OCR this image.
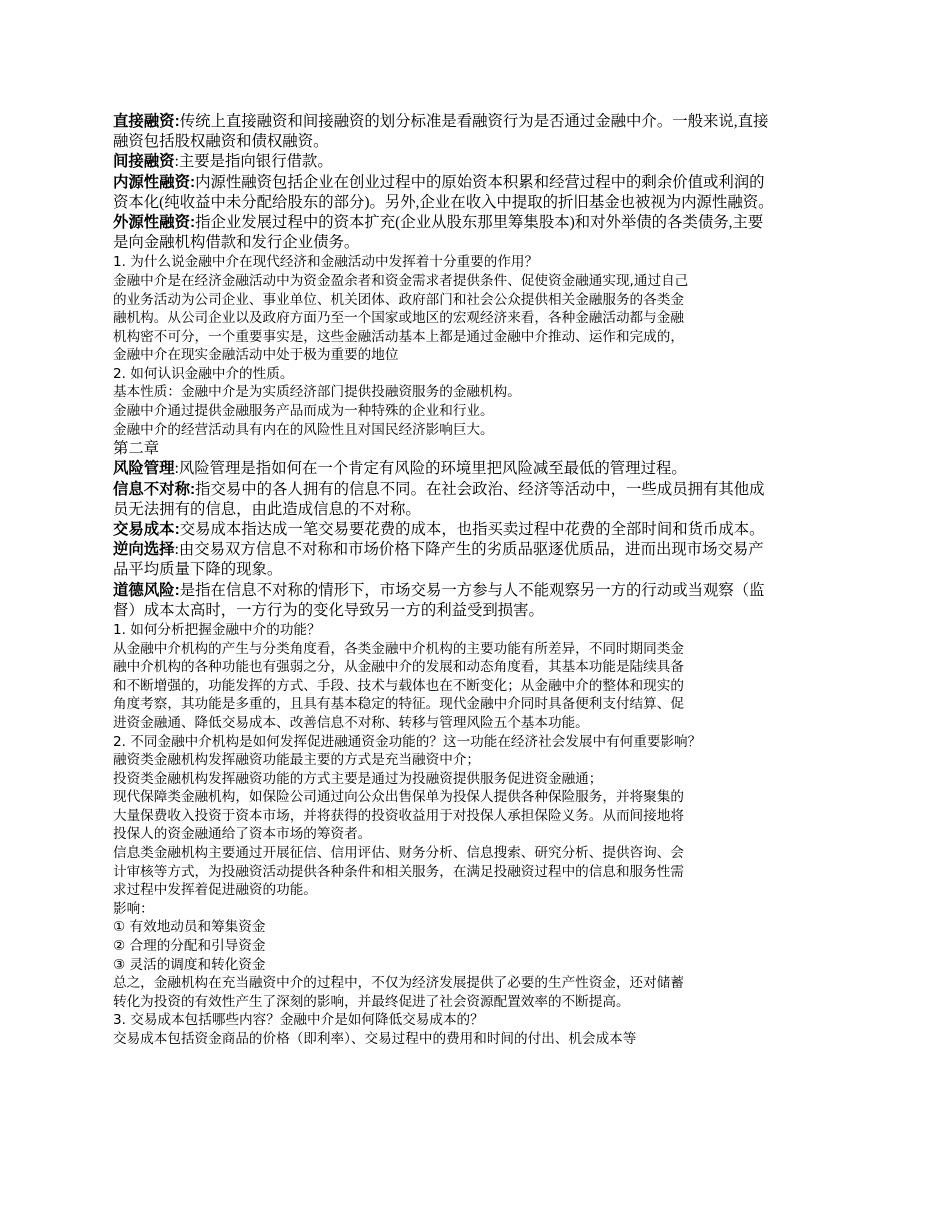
直接融资:传统上直接融资和间接融资的划分标准是看融资行为是否通过金融中介。一般来说,直接
融资包括股权融资和债权融资。
间接融资:主要是指向银行借款。
内源性融资:内源性融资包括企业在创业过程中的原始资本积累和经营过程中的剩余价值或利润的
资本化(纯收益中未分配给股东的部分)。另外,企业在收入中提取的折旧基金也被视为内源性融资。
外源性融资:指企业发展过程中的资本扩充(企业从股东那里筹集股本)和对外举债的各类债务,主要
是向金融机构借款和发行企业债务。
1. 为什么说金融中介在现代经济和金融活动中发挥着十分重要的作用？
金融中介是在经济金融活动中为资金盈余者和资金需求者提供条件、促使资金融通实现,通过自己
的业务活动为公司企业、事业单位、机关团体、政府部门和社会公众提供相关金融服务的各类金
融机构。从公司企业以及政府方面乃至一个国家或地区的宏观经济来看，各种金融活动都与金融
机构密不可分，一个重要事实是，这些金融活动基本上都是通过金融中介推动、运作和完成的，
金融中介在现实金融活动中处于极为重要的地位
2. 如何认识金融中介的性质。
基本性质：金融中介是为实质经济部门提供投融资服务的金融机构。
金融中介通过提供金融服务产品而成为一种特殊的企业和行业。
金融中介的经营活动具有内在的风险性且对国民经济影响巨大。
第二章
风险管理:风险管理是指如何在一个肯定有风险的环境里把风险减至最低的管理过程。
信息不对称:指交易中的各人拥有的信息不同。在社会政治、经济等活动中，一些成员拥有其他成
员无法拥有的信息，由此造成信息的不对称。
交易成本:交易成本指达成一笔交易要花费的成本，也指买卖过程中花费的全部时间和货币成本。
逆向选择:由交易双方信息不对称和市场价格下降产生的劣质品驱逐优质品，进而出现市场交易产
品平均质量下降的现象。
道德风险:是指在信息不对称的情形下，市场交易一方参与人不能观察另一方的行动或当观察（监
督）成本太高时，一方行为的变化导致另一方的利益受到损害。
1. 如何分析把握金融中介的功能？
从金融中介机构的产生与分类角度看，各类金融中介机构的主要功能有所差异，不同时期同类金
融中介机构的各种功能也有强弱之分，从金融中介的发展和动态角度看，其基本功能是陆续具备
和不断增强的，功能发挥的方式、手段、技术与载体也在不断变化；从金融中介的整体和现实的
角度考察，其功能是多重的，且具有基本稳定的特征。现代金融中介同时具备便利支付结算、促
进资金融通、降低交易成本、改善信息不对称、转移与管理风险五个基本功能。
2. 不同金融中介机构是如何发挥促进融通资金功能的？这一功能在经济社会发展中有何重要影响？
融资类金融机构发挥融资功能最主要的方式是充当融资中介；
投资类金融机构发挥融资功能的方式主要是通过为投融资提供服务促进资金融通；
现代保障类金融机构，如保险公司通过向公众出售保单为投保人提供各种保险服务，并将聚集的
大量保费收入投资于资本市场，并将获得的投资收益用于对投保人承担保险义务。从而间接地将
投保人的资金融通给了资本市场的筹资者。
信息类金融机构主要通过开展征信、信用评估、财务分析、信息搜索、研究分析、提供咨询、会
计审核等方式，为投融资活动提供各种条件和相关服务，在满足投融资过程中的信息和服务性需
求过程中发挥着促进融资的功能。
影响：
① 有效地动员和筹集资金
② 合理的分配和引导资金
③ 灵活的调度和转化资金
总之，金融机构在充当融资中介的过程中，不仅为经济发展提供了必要的生产性资金，还对储蓄
转化为投资的有效性产生了深刻的影响，并最终促进了社会资源配置效率的不断提高。
3. 交易成本包括哪些内容？金融中介是如何降低交易成本的？
交易成本包括资金商品的价格（即利率）、交易过程中的费用和时间的付出、机会成本等
